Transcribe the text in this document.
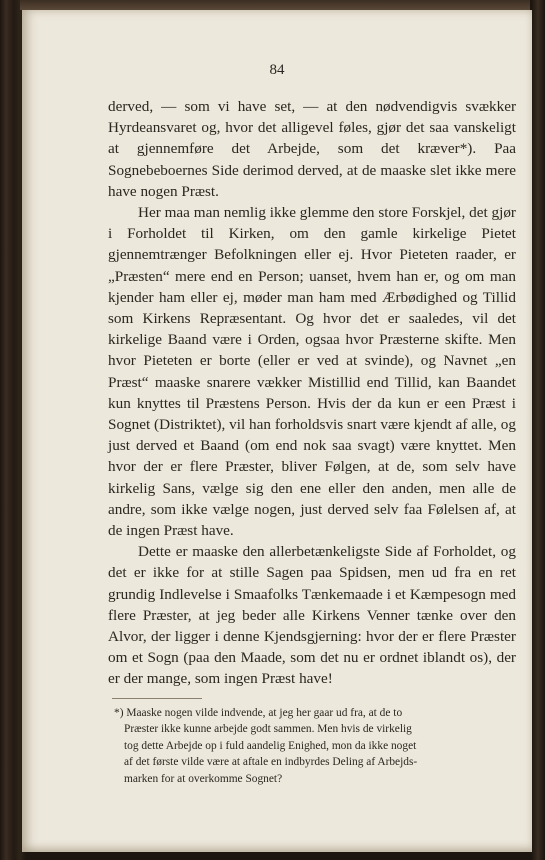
84

derved, — som vi have set, — at den nødvendigvis svækker Hyrdeansvaret og, hvor det alligevel føles, gjør det saa vanskeligt at gjennemføre det Arbejde, som det kræver*). Paa Sognebeboernes Side derimod derved, at de maaske slet ikke mere have nogen Præst.

Her maa man nemlig ikke glemme den store Forskjel, det gjør i Forholdet til Kirken, om den gamle kirkelige Pietet gjennemtrænger Befolkningen eller ej. Hvor Pieteten raader, er „Præsten“ mere end en Person; uanset, hvem han er, og om man kjender ham eller ej, møder man ham med Ærbødighed og Tillid som Kirkens Repræsentant. Og hvor det er saaledes, vil det kirkelige Baand være i Orden, ogsaa hvor Præsterne skifte. Men hvor Pieteten er borte (eller er ved at svinde), og Navnet „en Præst“ maaske snarere vækker Mistillid end Tillid, kan Baandet kun knyttes til Præstens Person. Hvis der da kun er een Præst i Sognet (Distriktet), vil han forholdsvis snart være kjendt af alle, og just derved et Baand (om end nok saa svagt) være knyttet. Men hvor der er flere Præster, bliver Følgen, at de, som selv have kirkelig Sans, vælge sig den ene eller den anden, men alle de andre, som ikke vælge nogen, just derved selv faa Følelsen af, at de ingen Præst have.

Dette er maaske den allerbetænkeligste Side af Forholdet, og det er ikke for at stille Sagen paa Spidsen, men ud fra en ret grundig Indlevelse i Smaafolks Tænkemaade i et Kæmpesogn med flere Præster, at jeg beder alle Kirkens Venner tænke over den Alvor, der ligger i denne Kjendsgjerning: hvor der er flere Præster om et Sogn (paa den Maade, som det nu er ordnet iblandt os), der er der mange, som ingen Præst have!

*) Maaske nogen vilde indvende, at jeg her gaar ud fra, at de to
Præster ikke kunne arbejde godt sammen. Men hvis de virkelig
tog dette Arbejde op i fuld aandelig Enighed, mon da ikke noget
af det første vilde være at aftale en indbyrdes Deling af Arbejds-
marken for at overkomme Sognet?
